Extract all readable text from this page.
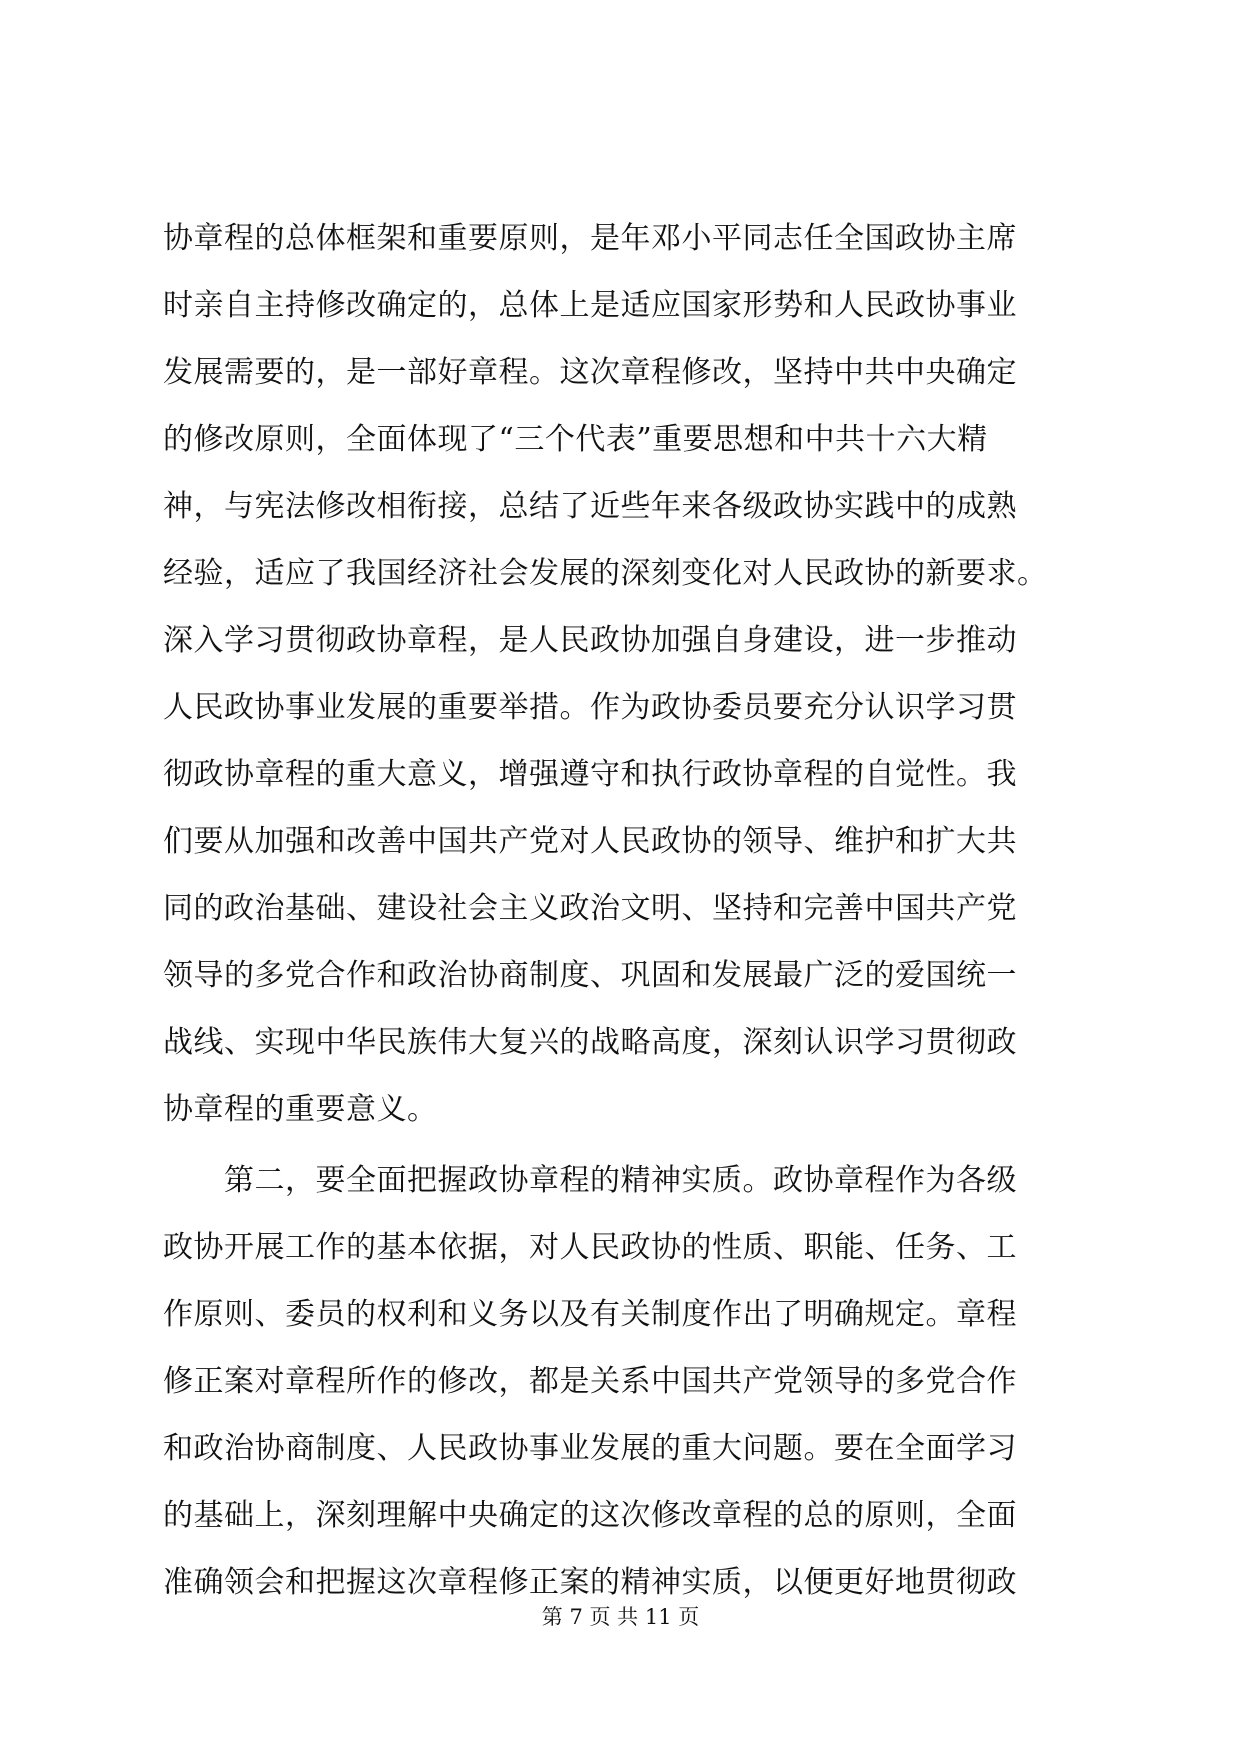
协章程的总体框架和重要原则，是年邓小平同志任全国政协主席
时亲自主持修改确定的，总体上是适应国家形势和人民政协事业
发展需要的，是一部好章程。这次章程修改，坚持中共中央确定
的修改原则，全面体现了“三个代表”重要思想和中共十六大精
神，与宪法修改相衔接，总结了近些年来各级政协实践中的成熟
经验，适应了我国经济社会发展的深刻变化对人民政协的新要求。
深入学习贯彻政协章程，是人民政协加强自身建设，进一步推动
人民政协事业发展的重要举措。作为政协委员要充分认识学习贯
彻政协章程的重大意义，增强遵守和执行政协章程的自觉性。我
们要从加强和改善中国共产党对人民政协的领导、维护和扩大共
同的政治基础、建设社会主义政治文明、坚持和完善中国共产党
领导的多党合作和政治协商制度、巩固和发展最广泛的爱国统一
战线、实现中华民族伟大复兴的战略高度，深刻认识学习贯彻政
协章程的重要意义。
　　第二，要全面把握政协章程的精神实质。政协章程作为各级
政协开展工作的基本依据，对人民政协的性质、职能、任务、工
作原则、委员的权利和义务以及有关制度作出了明确规定。章程
修正案对章程所作的修改，都是关系中国共产党领导的多党合作
和政治协商制度、人民政协事业发展的重大问题。要在全面学习
的基础上，深刻理解中央确定的这次修改章程的总的原则，全面
准确领会和把握这次章程修正案的精神实质，以便更好地贯彻政
第 7 页 共 11 页
